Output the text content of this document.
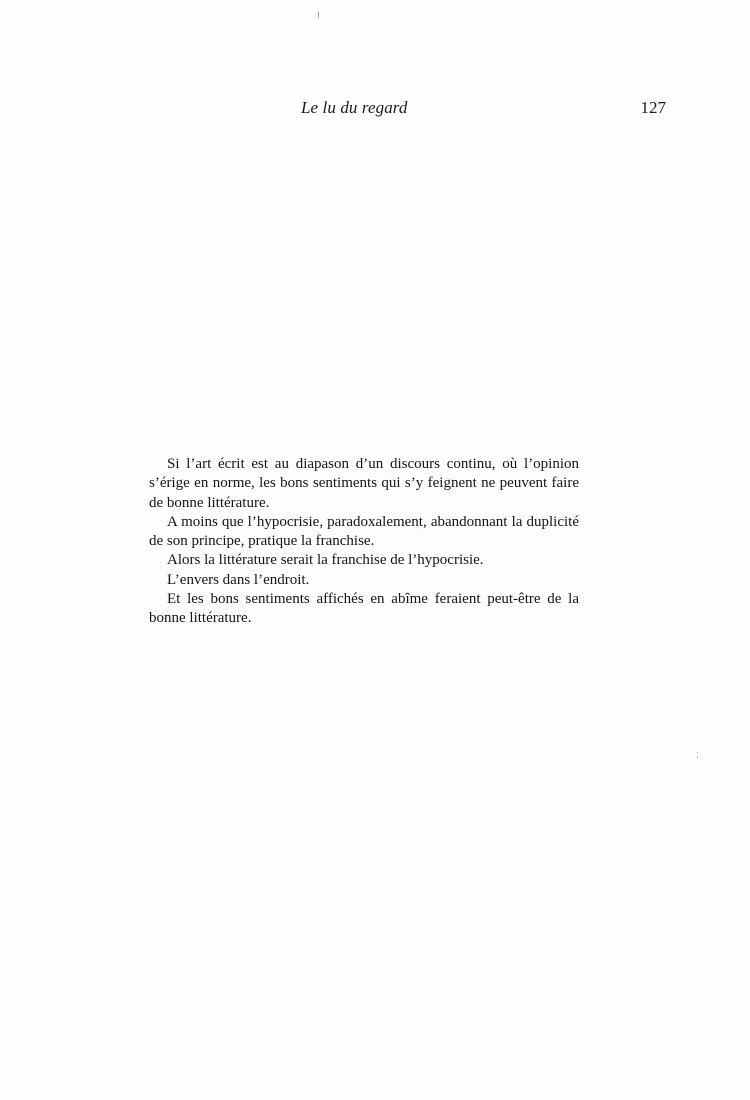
Le lu du regard	127

Si l’art écrit est au diapason d’un discours continu, où l’opinion s’érige en norme, les bons sentiments qui s’y feignent ne peuvent faire de bonne littérature.

A moins que l’hypocrisie, paradoxalement, abandonnant la duplicité de son principe, pratique la franchise.

Alors la littérature serait la franchise de l’hypocrisie.

L’envers dans l’endroit.

Et les bons sentiments affichés en abîme feraient peut-être de la bonne littérature.
